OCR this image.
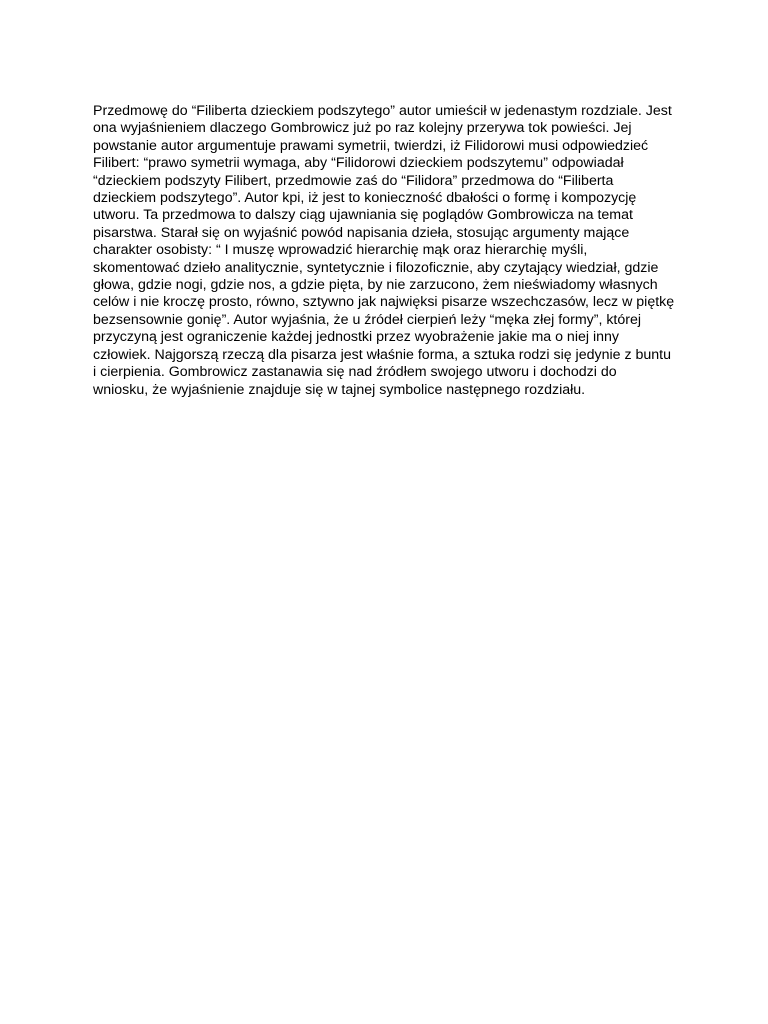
Przedmowę do “Filiberta dzieckiem podszytego” autor umieścił w jedenastym rozdziale. Jest
ona wyjaśnieniem dlaczego Gombrowicz już po raz kolejny przerywa tok powieści. Jej
powstanie autor argumentuje prawami symetrii, twierdzi, iż Filidorowi musi odpowiedzieć
Filibert: “prawo symetrii wymaga, aby “Filidorowi dzieckiem podszytemu” odpowiadał
“dzieckiem podszyty Filibert, przedmowie zaś do “Filidora” przedmowa do “Filiberta
dzieckiem podszytego”. Autor kpi, iż jest to konieczność dbałości o formę i kompozycję
utworu. Ta przedmowa to dalszy ciąg ujawniania się poglądów Gombrowicza na temat
pisarstwa. Starał się on wyjaśnić powód napisania dzieła, stosując argumenty mające
charakter osobisty: “ I muszę wprowadzić hierarchię mąk oraz hierarchię myśli,
skomentować dzieło analitycznie, syntetycznie i filozoficznie, aby czytający wiedział, gdzie
głowa, gdzie nogi, gdzie nos, a gdzie pięta, by nie zarzucono, żem nieświadomy własnych
celów i nie kroczę prosto, równo, sztywno jak najwięksi pisarze wszechczasów, lecz w piętkę
bezsensownie gonię”. Autor wyjaśnia, że u źródeł cierpień leży “męka złej formy”, której
przyczyną jest ograniczenie każdej jednostki przez wyobrażenie jakie ma o niej inny
człowiek. Najgorszą rzeczą dla pisarza jest właśnie forma, a sztuka rodzi się jedynie z buntu
i cierpienia. Gombrowicz zastanawia się nad źródłem swojego utworu i dochodzi do
wniosku, że wyjaśnienie znajduje się w tajnej symbolice następnego rozdziału.
